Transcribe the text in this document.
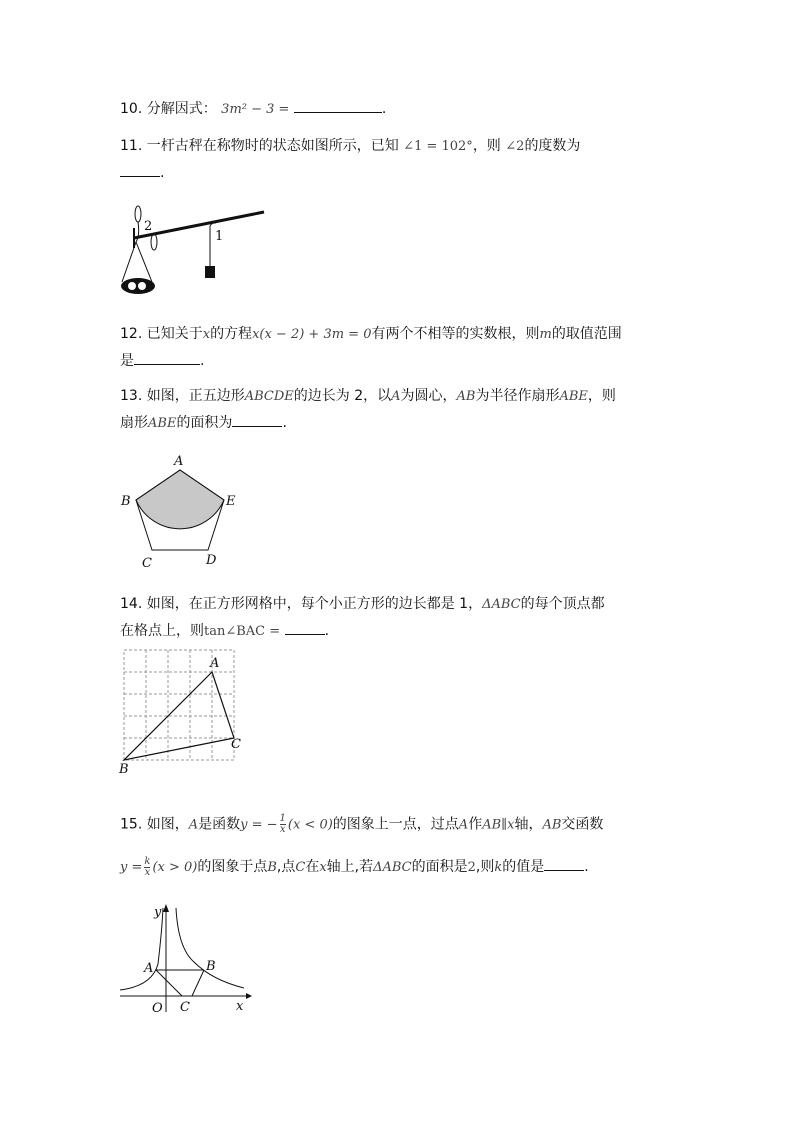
10. 分解因式： 3m² − 3 =	.
11. 一杆古秤在称物时的状态如图所示，已知 ∠1 = 102°，则 ∠2的度数为
.
1
2
12. 已知关于x的方程x(x − 2) + 3m = 0有两个不相等的实数根，则m的取值范围
是	.
13. 如图，正五边形ABCDE的边长为 2，以A为圆心，AB为半径作扇形ABE，则
扇形ABE的面积为	.
A
B
C	D
E
14. 如图，在正方形网格中，每个小正方形的边长都是 1，ΔABC的每个顶点都
在格点上，则tan∠BAC =	.
A
B
C
15. 如图，A是函数y = − $\frac{1}{x} (x < 0)$的图象上一点，过点A作AB∥x轴，AB交函数
$y = \frac{k}{x} (x > 0)$的图象于点B,点C在x轴上,若ΔABC的面积是2,则k的值是	.
y
x
A	B
O C
